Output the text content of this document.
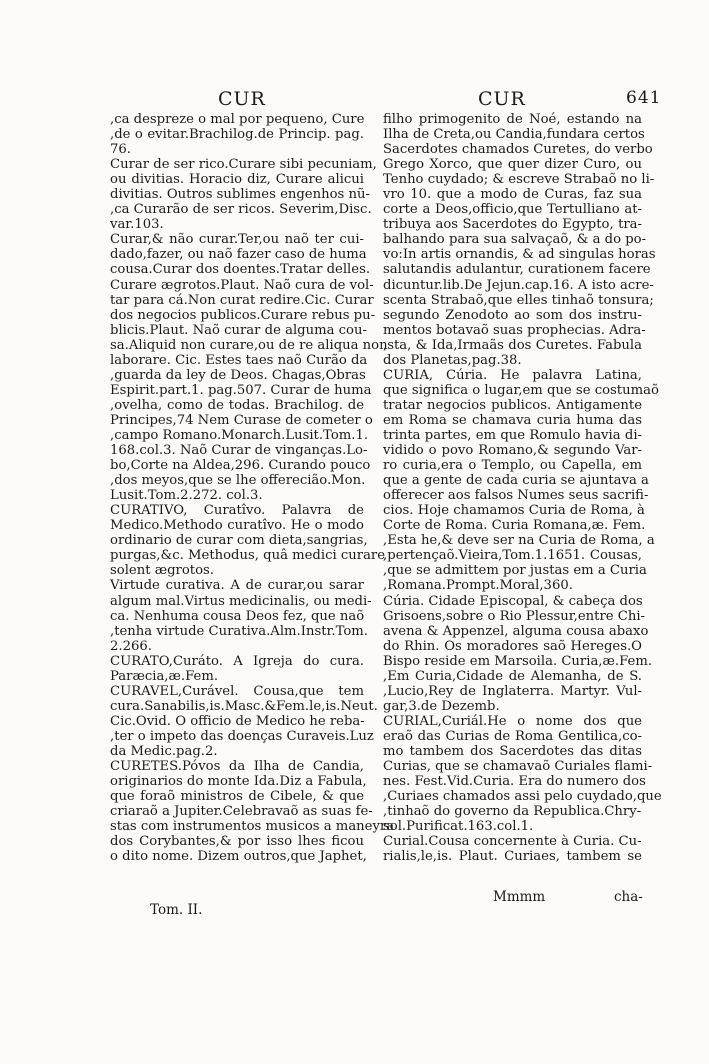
CUR	CUR	641
,ca despreze o mal por pequeno, Cure
,de o evitar.Brachilog.de Princip. pag.
76.
Curar de ser rico.Curare sibi pecuniam,
ou divitias. Horacio diz, Curare alicui
divitias. Outros sublimes engenhos nũ-
,ca Curarão de ser ricos. Severim,Disc.
var.103.
Curar,& não curar.Ter,ou naõ ter cui-
dado,fazer, ou naõ fazer caso de huma
cousa.Curar dos doentes.Tratar delles.
Curare ægrotos.Plaut. Naõ cura de vol-
tar para cá.Non curat redire.Cic. Curar
dos negocios publicos.Curare rebus pu-
blicis.Plaut. Naõ curar de alguma cou-
sa.Aliquid non curare,ou de re aliqua non
laborare. Cic. Estes taes naõ Curão da
,guarda da ley de Deos. Chagas,Obras
Espirit.part.1. pag.507. Curar de huma
,ovelha, como de todas. Brachilog. de
Principes,74 Nem Curase de cometer o
,campo Romano.Monarch.Lusit.Tom.1.
168.col.3. Naõ Curar de vinganças.Lo-
bo,Corte na Aldea,296. Curando pouco
,dos meyos,que se lhe offerecião.Mon.
Lusit.Tom.2.272. col.3.
CURATIVO, Curatîvo. Palavra de
Medico.Methodo curatîvo. He o modo
ordinario de curar com dieta,sangrias,
purgas,&c. Methodus, quâ medici curare
solent ægrotos.
Virtude curativa. A de curar,ou sarar
algum mal.Virtus medicinalis, ou medi-
ca. Nenhuma cousa Deos fez, que naõ
,tenha virtude Curativa.Alm.Instr.Tom.
2.266.
CURATO,Curáto. A Igreja do cura.
Paræcia,æ.Fem.
CURAVEL,Curável. Cousa,que tem
cura.Sanabilis,is.Masc.&Fem.le,is.Neut.
Cic.Ovid. O officio de Medico he reba-
,ter o impeto das doenças Curaveis.Luz
da Medic.pag.2.
CURETES.Póvos da Ilha de Candia,
originarios do monte Ida.Diz a Fabula,
que foraõ ministros de Cibele, & que
criaraõ a Jupiter.Celebravaõ as suas fe-
stas com instrumentos musicos a maneyra
dos Corybantes,& por isso lhes ficou
o dito nome. Dizem outros,que Japhet,
filho primogenito de Noé, estando na
Ilha de Creta,ou Candia,fundara certos
Sacerdotes chamados Curetes, do verbo
Grego Xorco, que quer dizer Curo, ou
Tenho cuydado; & escreve Strabaõ no li-
vro 10. que a modo de Curas, faz sua
corte a Deos,officio,que Tertulliano at-
tribuya aos Sacerdotes do Egypto, tra-
balhando para sua salvaçaõ, & a do po-
vo:In artis ornandis, & ad singulas horas
salutandis adulantur, curationem facere
dicuntur.lib.De Jejun.cap.16. A isto acre-
scenta Strabaõ,que elles tinhaõ tonsura;
segundo Zenodoto ao som dos instru-
mentos botavaõ suas prophecias. Adra-
,sta, & Ida,Irmaãs dos Curetes. Fabula
dos Planetas,pag.38.
CURIA, Cúria. He palavra Latina,
que significa o lugar,em que se costumaõ
tratar negocios publicos. Antigamente
em Roma se chamava curia huma das
trinta partes, em que Romulo havia di-
vidido o povo Romano,& segundo Var-
ro curia,era o Templo, ou Capella, em
que a gente de cada curia se ajuntava a
offerecer aos falsos Numes seus sacrifi-
cios. Hoje chamamos Curia de Roma, à
Corte de Roma. Curia Romana,æ. Fem.
,Esta he,& deve ser na Curia de Roma, a
,pertençaõ.Vieira,Tom.1.1651. Cousas,
,que se admittem por justas em a Curia
,Romana.Prompt.Moral,360.
Cúria. Cidade Episcopal, & cabeça dos
Grisoens,sobre o Rio Plessur,entre Chi-
avena & Appenzel, alguma cousa abaxo
do Rhin. Os moradores saõ Hereges.O
Bispo reside em Marsoila. Curia,æ.Fem.
,Em Curia,Cidade de Alemanha, de S.
,Lucio,Rey de Inglaterra. Martyr. Vul-
gar,3.de Dezemb.
CURIAL,Curiál.He o nome dos que
eraõ das Curias de Roma Gentilica,co-
mo tambem dos Sacerdotes das ditas
Curias, que se chamavaõ Curiales flami-
nes. Fest.Vid.Curia. Era do numero dos
,Curiaes chamados assi pelo cuydado,que
,tinhaõ do governo da Republica.Chry-
sol.Purificat.163.col.1.
Curial.Cousa concernente à Curia. Cu-
rialis,le,is. Plaut. Curiaes, tambem se
Tom. II.
Mmmm	cha-
